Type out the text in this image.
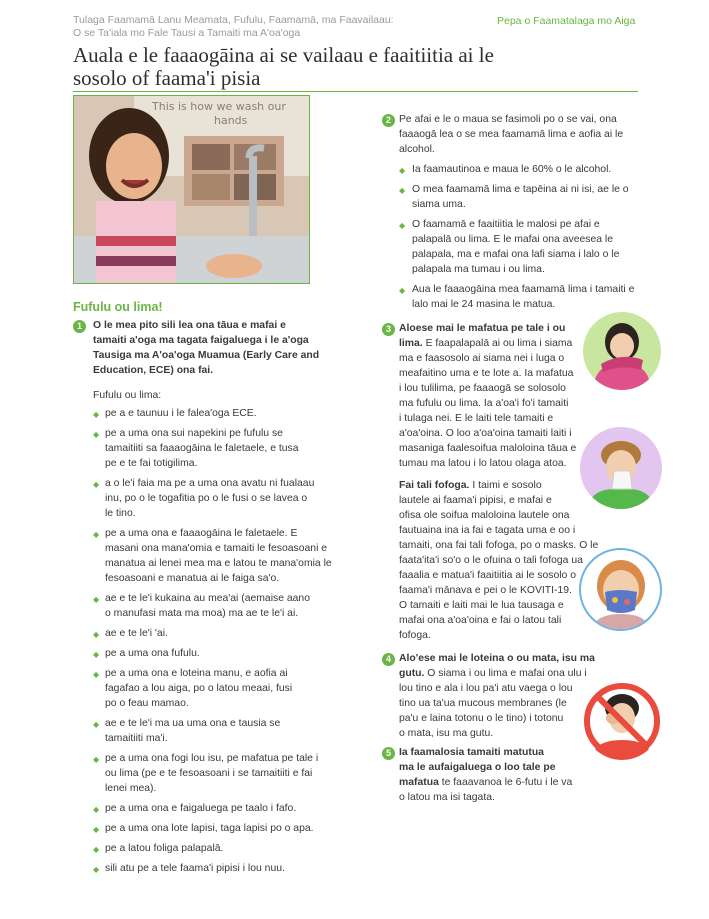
Tulaga Faamamā Lanu Meamata, Fufulu, Faamamā, ma Faavailaau:
O se Ta'iala mo Fale Tausi a Tamaiti ma A'oa'oga
Pepa o Faamatalaga mo Aiga
Auala e le faaaogāina ai se vailaau e faaitiitia ai le
sosolo of faama'i pisia
This is how we wash our
hands
Fufulu ou lima!
1	O le mea pito sili lea ona tāua e mafai e
tamaiti a'oga ma tagata faigaluega i le a'oga
Tausiga ma A'oa'oga Muamua (Early Care and
Education, ECE) ona fai.
Fufulu ou lima:
◆ pe a e taunuu i le falea'oga ECE.
◆ pe a uma ona sui napekini pe fufulu se
tamaitiiti sa faaaogāina le faletaele, e tusa
pe e te fai totigilima.
◆ a o le'i faia ma pe a uma ona avatu ni fualaau
inu, po o le togafitia po o le fusi o se lavea o
le tino.
◆ pe a uma ona e faaaogāina le faletaele. E
masani ona mana'omia e tamaiti le fesoasoani e
manatua ai lenei mea ma e latou te mana'omia le
fesoasoani e manatua ai le faiga sa'o.
◆ ae e te le'i kukaina au mea'ai (aemaise aano
o manufasi mata ma moa) ma ae te le'i ai.
◆ ae e te le'i 'ai.
◆ pe a uma ona fufulu.
◆ pe a uma ona e loteina manu, e aofia ai
fagafao a lou aiga, po o latou meaai, fusi
po o feau mamao.
◆ ae e te le'i ma ua uma ona e tausia se
tamaitiiti ma'i.
◆ pe a uma ona fogi lou isu, pe mafatua pe tale i
ou lima (pe e te fesoasoani i se tamaitiiti e fai
lenei mea).
◆ pe a uma ona e faigaluega pe taalo i fafo.
◆ pe a uma ona lote lapisi, taga lapisi po o apa.
◆ pe a latou foliga palapalā.
◆ sili atu pe a tele faama'i pipisi i lou nuu.
2 Pe afai e le o maua se fasimoli po o se vai, ona
faaaogā lea o se mea faamamā lima e aofia ai le
alcohol.
◆ Ia faamautinoa e maua le 60% o le alcohol.
◆ O mea faamamā lima e tapēina ai ni isi, ae le o
siama uma.
◆ O faamamā e faaitiitia le malosi pe afai e
palapalā ou lima. E le mafai ona aveesea le
palapala, ma e mafai ona lafi siama i lalo o le
palapala ma tumau i ou lima.
◆ Aua le faaaogāina mea faamamā lima i tamaiti e
lalo mai le 24 masina le matua.
3 Aloese mai le mafatua pe tale i ou
lima. E faapalapalā ai ou lima i siama
ma e faasosolo ai siama nei i luga o
meafaitino uma e te lote a. Ia mafatua
i lou tulilima, pe faaaogā se solosolo
ma fufulu ou lima. Ia a'oa'i fo'i tamaiti
i tulaga nei. E le laiti tele tamaiti e
a'oa'oina. O loo a'oa'oina tamaiti laiti i
masaniga faalesoifua maloloina tāua e
tumau ma latou i lo latou olaga atoa.
Fai tali fofoga. I taimi e sosolo
lautele ai faama'i pipisi, e mafai e
ofisa ole soifua maloloina lautele ona
fautuaina ina ia fai e tagata uma e oo i
tamaiti, ona fai tali fofoga, po o masks. O le
faata'ita'i so'o o le ofuina o tali fofoga ua
faaalia e matua'i faaitiitia ai le sosolo o
faama'i mānava e pei o le KOVITI-19.
O tamaiti e laiti mai le lua tausaga e
mafai ona a'oa'oina e fai o latou tali
fofoga.
4 Alo'ese mai le loteina o ou mata, isu ma
gutu. O siama i ou lima e mafai ona ulu i
lou tino e ala i lou pa'i atu vaega o lou
tino ua ta'ua mucous membranes (le
pa'u e laina totonu o le tino) i totonu
o mata, isu ma gutu.
5 Ia faamalosia tamaiti matutua
ma le aufaigaluega o loo tale pe
mafatua te faaavanoa le 6-futu i le va
o latou ma isi tagata.
